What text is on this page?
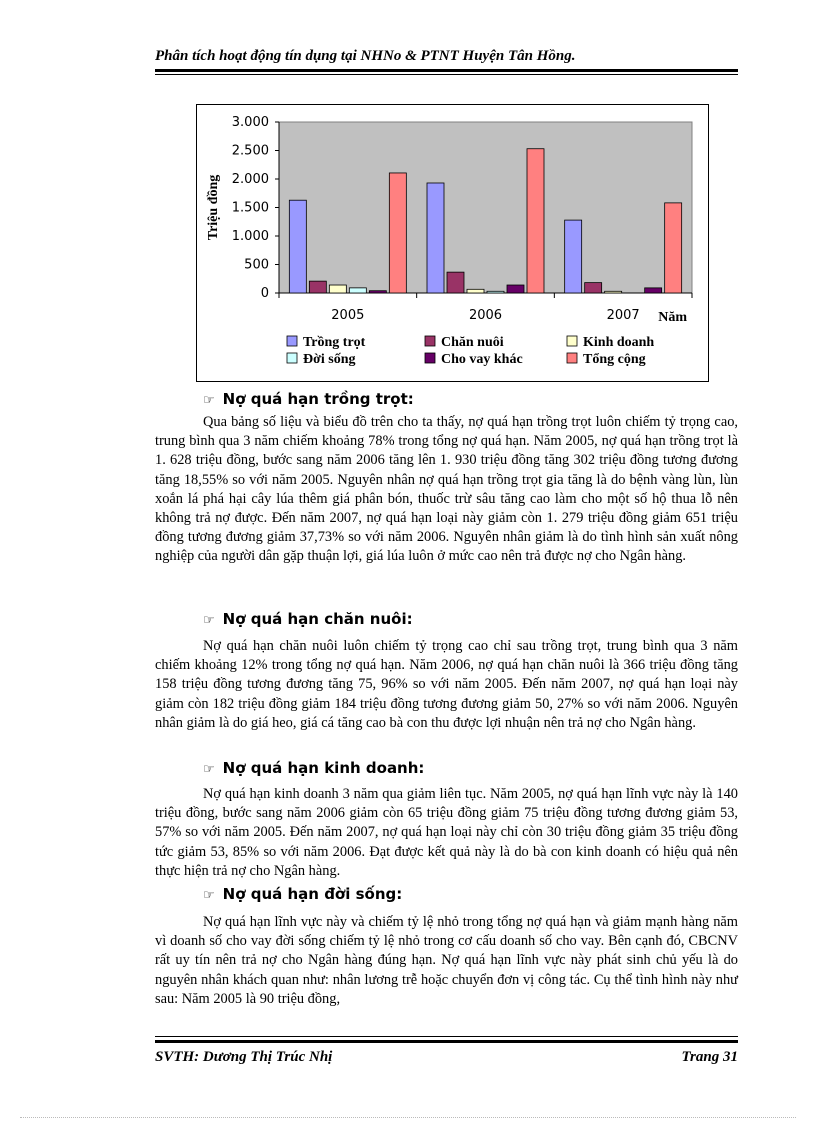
Phân tích hoạt động tín dụng tại NHNo & PTNT Huyện Tân Hồng.
0
500
1.000
1.500
2.000
2.500
3.000
Triệu đồng
2005	2006	2007 Năm
Trồng trọt	Chăn nuôi	Kinh doanh
Đời sống	Cho vay khác	Tổng cộng
☞ Nợ quá hạn trồng trọt:
Qua bảng số liệu và biểu đồ trên cho ta thấy, nợ quá hạn trồng trọt luôn chiếm tỷ trọng cao, trung bình qua 3 năm chiếm khoảng 78% trong tổng nợ quá hạn. Năm 2005, nợ quá hạn trồng trọt là 1. 628 triệu đồng, bước sang năm 2006 tăng lên 1. 930 triệu đồng tăng 302 triệu đồng tương đương tăng 18,55% so với năm 2005. Nguyên nhân nợ quá hạn trồng trọt gia tăng là do bệnh vàng lùn, lùn xoắn lá phá hại cây lúa thêm giá phân bón, thuốc trừ sâu tăng cao làm cho một số hộ thua lỗ nên không trả nợ được. Đến năm 2007, nợ quá hạn loại này giảm còn 1. 279 triệu đồng giảm 651 triệu đồng tương đương giảm 37,73% so với năm 2006. Nguyên nhân giảm là do tình hình sản xuất nông nghiệp của người dân gặp thuận lợi, giá lúa luôn ở mức cao nên trả được nợ cho Ngân hàng.
☞ Nợ quá hạn chăn nuôi:
Nợ quá hạn chăn nuôi luôn chiếm tỷ trọng cao chỉ sau trồng trọt, trung bình qua 3 năm chiếm khoảng 12% trong tổng nợ quá hạn. Năm 2006, nợ quá hạn chăn nuôi là 366 triệu đồng tăng 158 triệu đồng tương đương tăng 75, 96% so với năm 2005. Đến năm 2007, nợ quá hạn loại này giảm còn 182 triệu đồng giảm 184 triệu đồng tương đương giảm 50, 27% so với năm 2006. Nguyên nhân giảm là do giá heo, giá cá tăng cao bà con thu được lợi nhuận nên trả nợ cho Ngân hàng.
☞ Nợ quá hạn kinh doanh:
Nợ quá hạn kinh doanh 3 năm qua giảm liên tục. Năm 2005, nợ quá hạn lĩnh vực này là 140 triệu đồng, bước sang năm 2006 giảm còn 65 triệu đồng giảm 75 triệu đồng tương đương giảm 53, 57% so với năm 2005. Đến năm 2007, nợ quá hạn loại này chỉ còn 30 triệu đồng giảm 35 triệu đồng tức giảm 53, 85% so với năm 2006. Đạt được kết quả này là do bà con kinh doanh có hiệu quả nên thực hiện trả nợ cho Ngân hàng.
☞ Nợ quá hạn đời sống:
Nợ quá hạn lĩnh vực này và chiếm tỷ lệ nhỏ trong tổng nợ quá hạn và giảm mạnh hàng năm vì doanh số cho vay đời sống chiếm tỷ lệ nhỏ trong cơ cấu doanh số cho vay. Bên cạnh đó, CBCNV rất uy tín nên trả nợ cho Ngân hàng đúng hạn. Nợ quá hạn lĩnh vực này phát sinh chủ yếu là do nguyên nhân khách quan như: nhân lương trễ hoặc chuyển đơn vị công tác. Cụ thể tình hình này như sau: Năm 2005 là 90 triệu đồng,
SVTH: Dương Thị Trúc Nhị	Trang 31
